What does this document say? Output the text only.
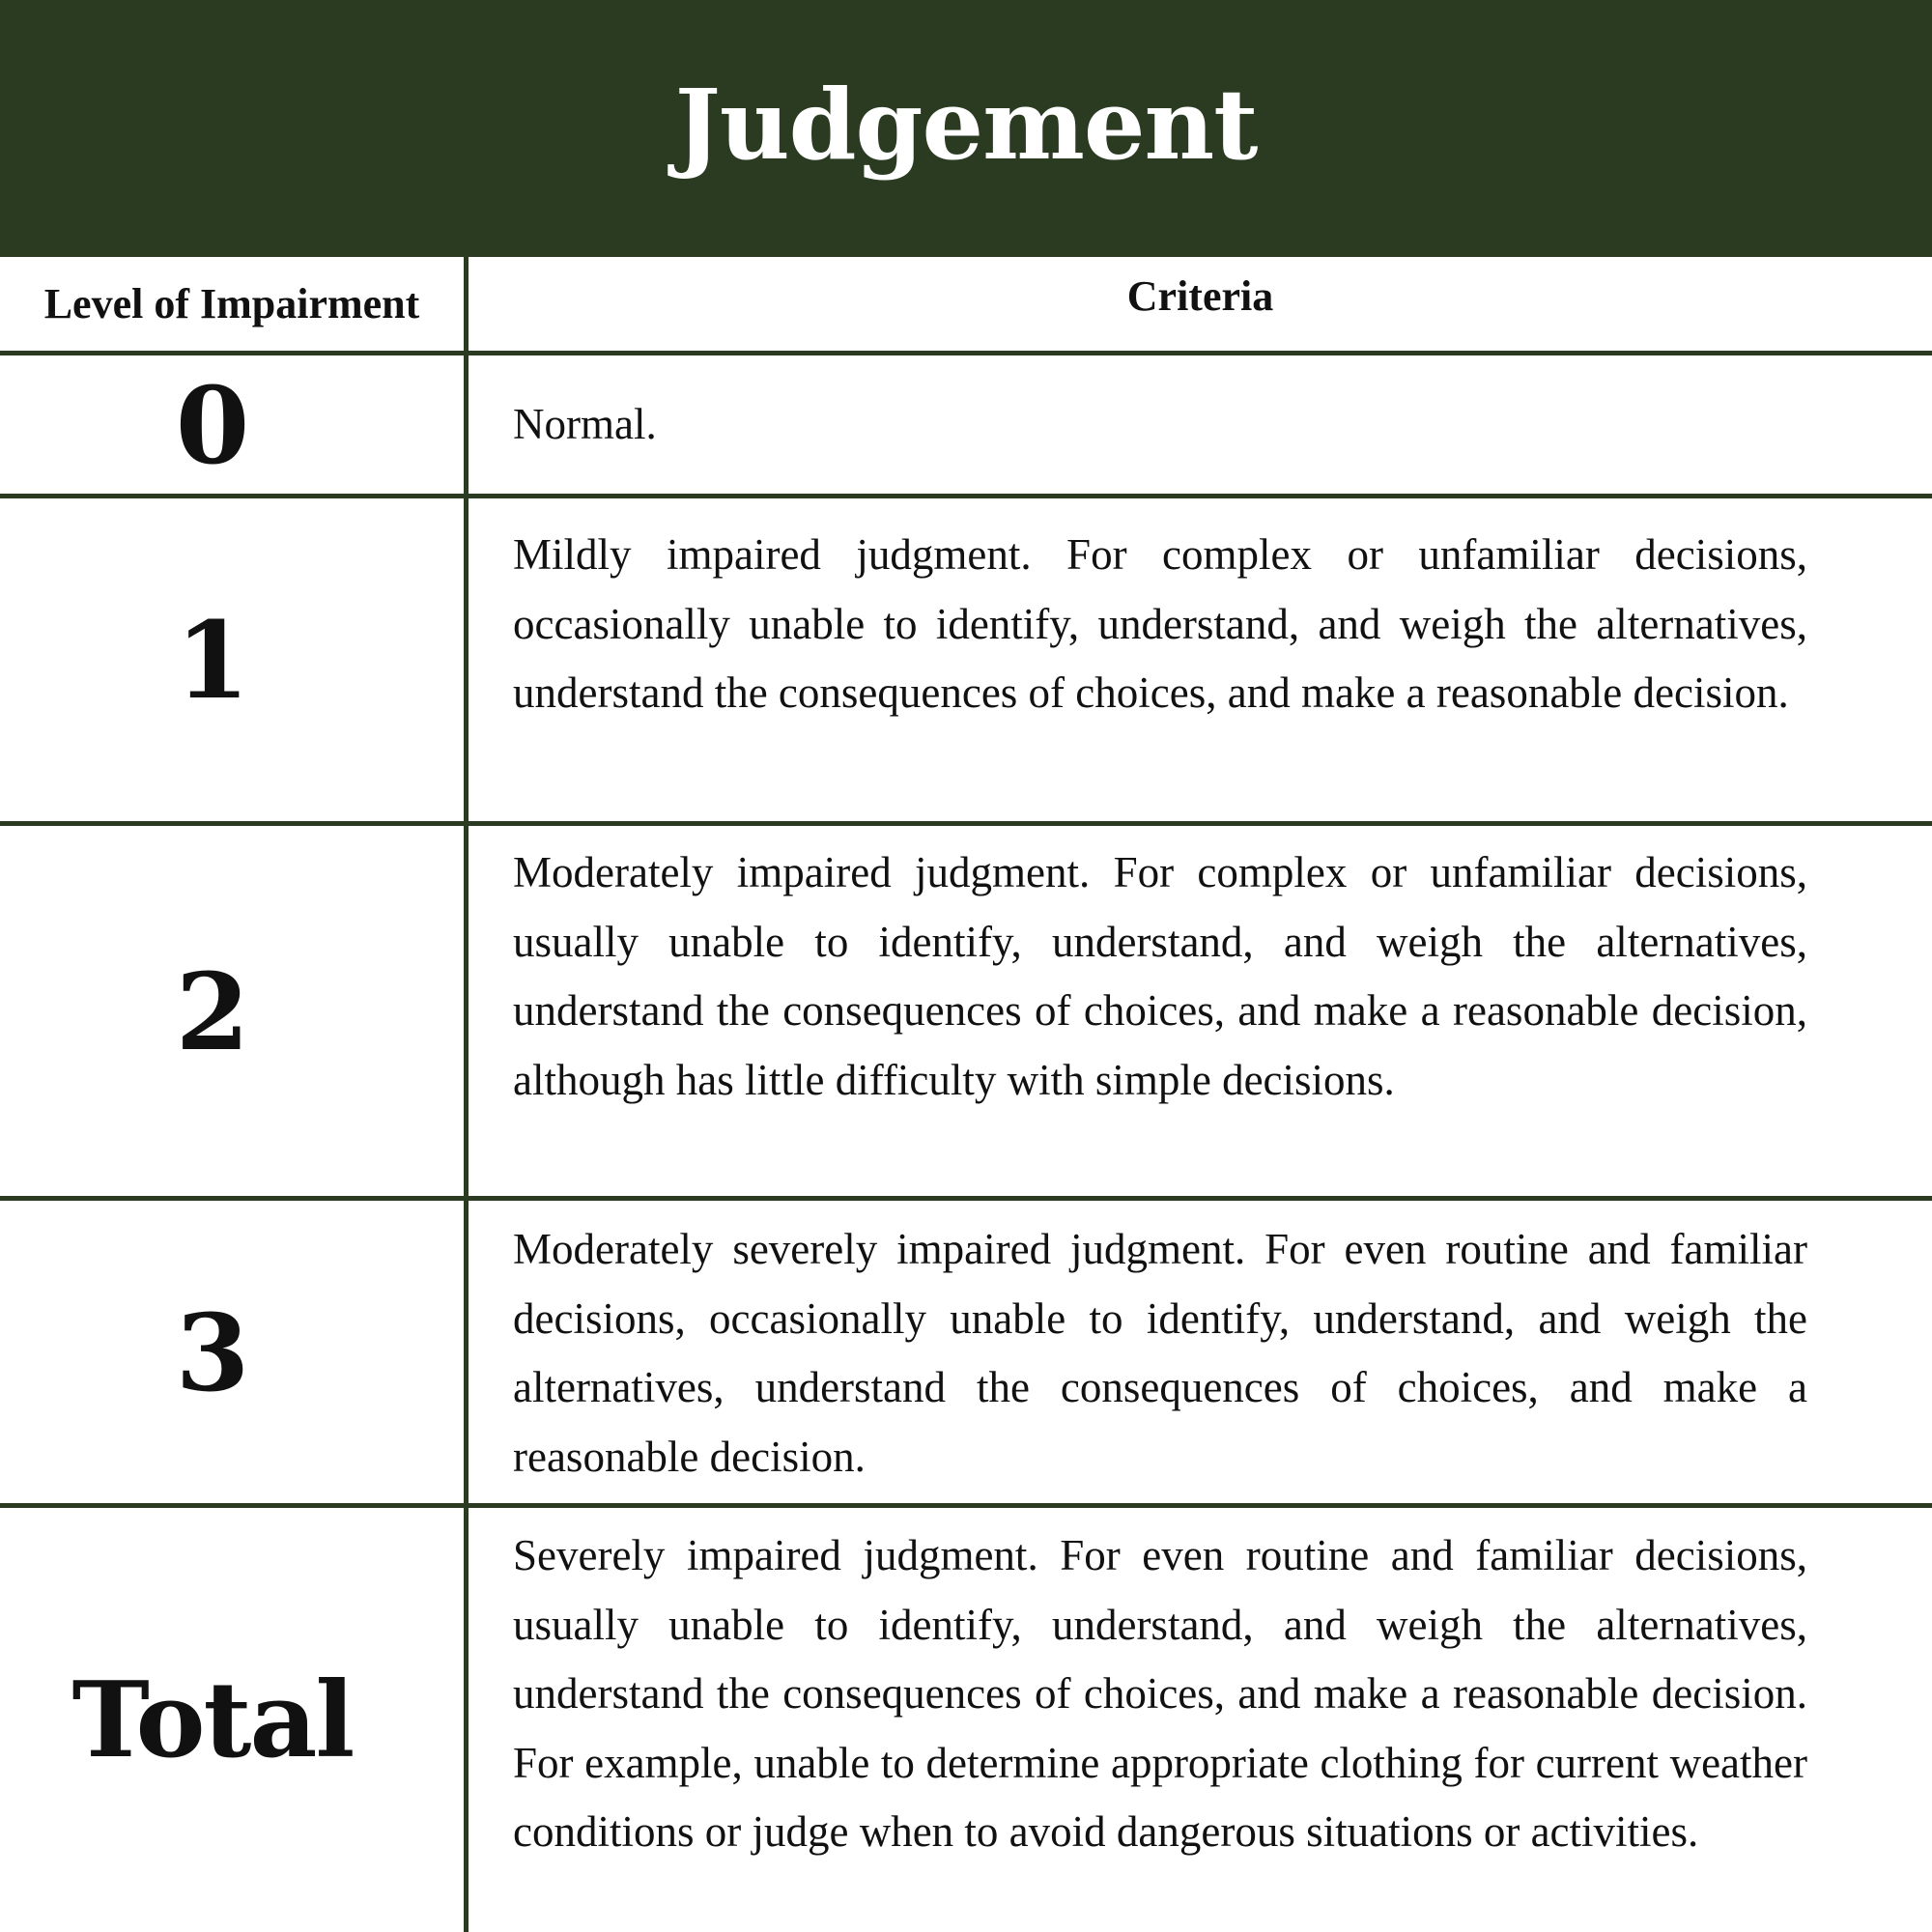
Judgement
Level of Impairment	Criteria
0	Normal.
1
Mildly impaired judgment. For complex or unfamiliar decisions, occasionally unable to identify, understand, and weigh the alternatives, understand the consequences of choices, and make a reasonable decision.
2
Moderately impaired judgment. For complex or unfamiliar decisions, usually unable to identify, understand, and weigh the alternatives, understand the consequences of choices, and make a reasonable decision, although has little difficulty with simple decisions.
3
Moderately severely impaired judgment. For even routine and familiar decisions, occasionally unable to identify, understand, and weigh the alternatives, understand the consequences of choices, and make a reasonable decision.
Total
Severely impaired judgment. For even routine and familiar decisions, usually unable to identify, understand, and weigh the alternatives, understand the consequences of choices, and make a reasonable decision. For example, unable to determine appropriate clothing for current weather conditions or judge when to avoid dangerous situations or activities.
